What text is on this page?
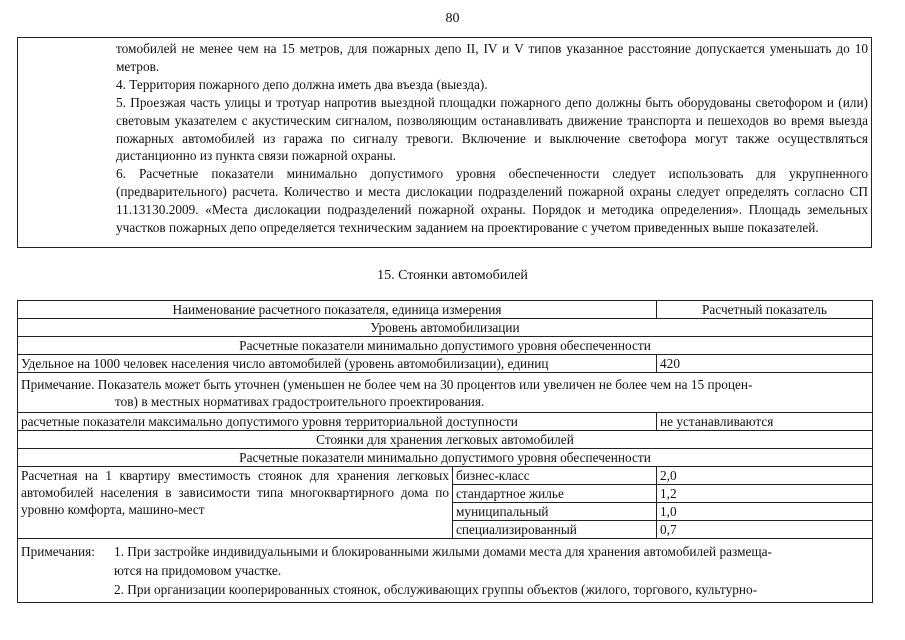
80

томобилей не менее чем на 15 метров, для пожарных депо II, IV и V типов указанное расстояние допускается уменьшать до 10 метров.

4. Территория пожарного депо должна иметь два въезда (выезда).

5. Проезжая часть улицы и тротуар напротив выездной площадки пожарного депо должны быть оборудованы светофором и (или) световым указателем с акустическим сигналом, позволяющим останавливать движение транспорта и пешеходов во время выезда пожарных автомобилей из гаража по сигналу тревоги. Включение и выключение светофора могут также осуществляться дистанционно из пункта связи пожарной охраны.

6. Расчетные показатели минимально допустимого уровня обеспеченности следует использовать для укрупненного (предварительного) расчета. Количество и места дислокации подразделений пожарной охраны следует определять согласно СП 11.13130.2009. «Места дислокации подразделений пожарной охраны. Порядок и методика определения». Площадь земельных участков пожарных депо определяется техническим заданием на проектирование с учетом приведенных выше показателей.

15. Стоянки автомобилей
Наименование расчетного показателя, единица измерения		Расчетный показатель
Уровень автомобилизации		
Расчетные показатели минимально допустимого уровня обеспеченности		
Удельное на 1000 человек населения число автомобилей (уровень автомобилизации), единиц		420
Примечание. Показатель может быть уточнен (уменьшен не более чем на 30 процентов или увеличен не более чем на 15 процен-
тов) в местных нормативах градостроительного проектирования.		

расчетные показатели максимально допустимого уровня территориальной доступности		не устанавливаются
Стоянки для хранения легковых автомобилей		
Расчетные показатели минимально допустимого уровня обеспеченности		
Расчетная на 1 квартиру вместимость стоянок для хранения легковых автомобилей населения в зависимости типа многоквартирного дома по уровню комфорта, машино-мест	бизнес-класс	2,0
	стандартное жилье	1,2
	муниципальный	1,0
	специализированный	0,7

Примечания: 1. При застройке индивидуальными и блокированными жилыми домами места для хранения автомобилей размеща-
ются на придомовом участке.
2. При организации кооперированных стоянок, обслуживающих группы объектов (жилого, торгового, культурно-		
